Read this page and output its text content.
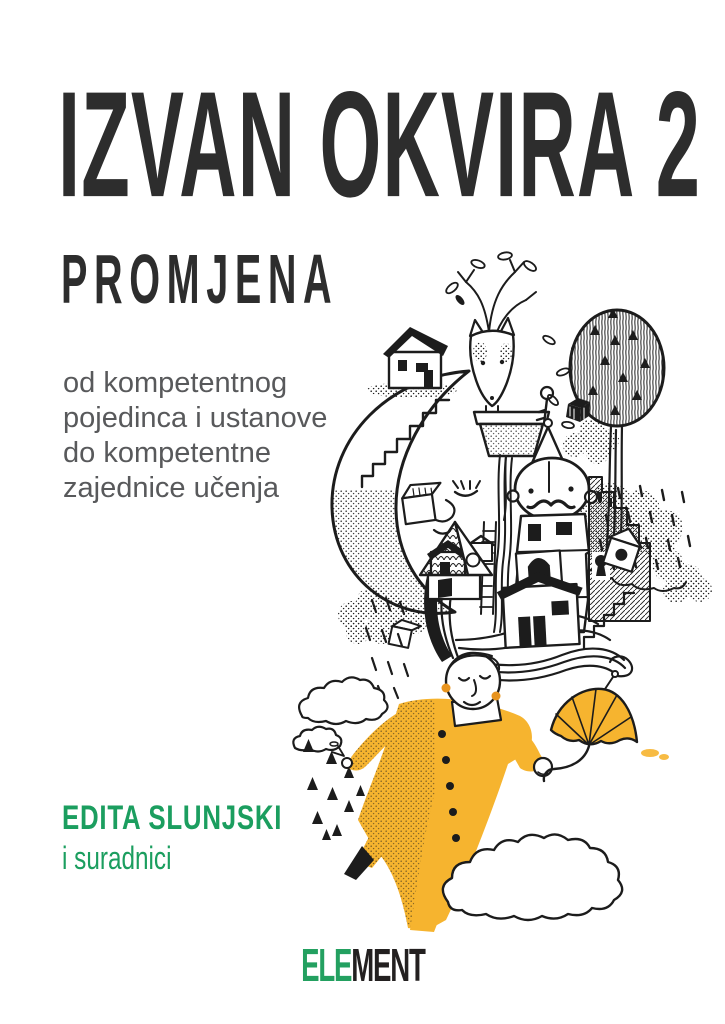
IZVAN OKVIRA 2
PROMJENA
od kompetentnog
pojedinca i ustanove
do kompetentne
zajednice učenja
EDITA SLUNJSKI
i suradnici
ELEMENT
